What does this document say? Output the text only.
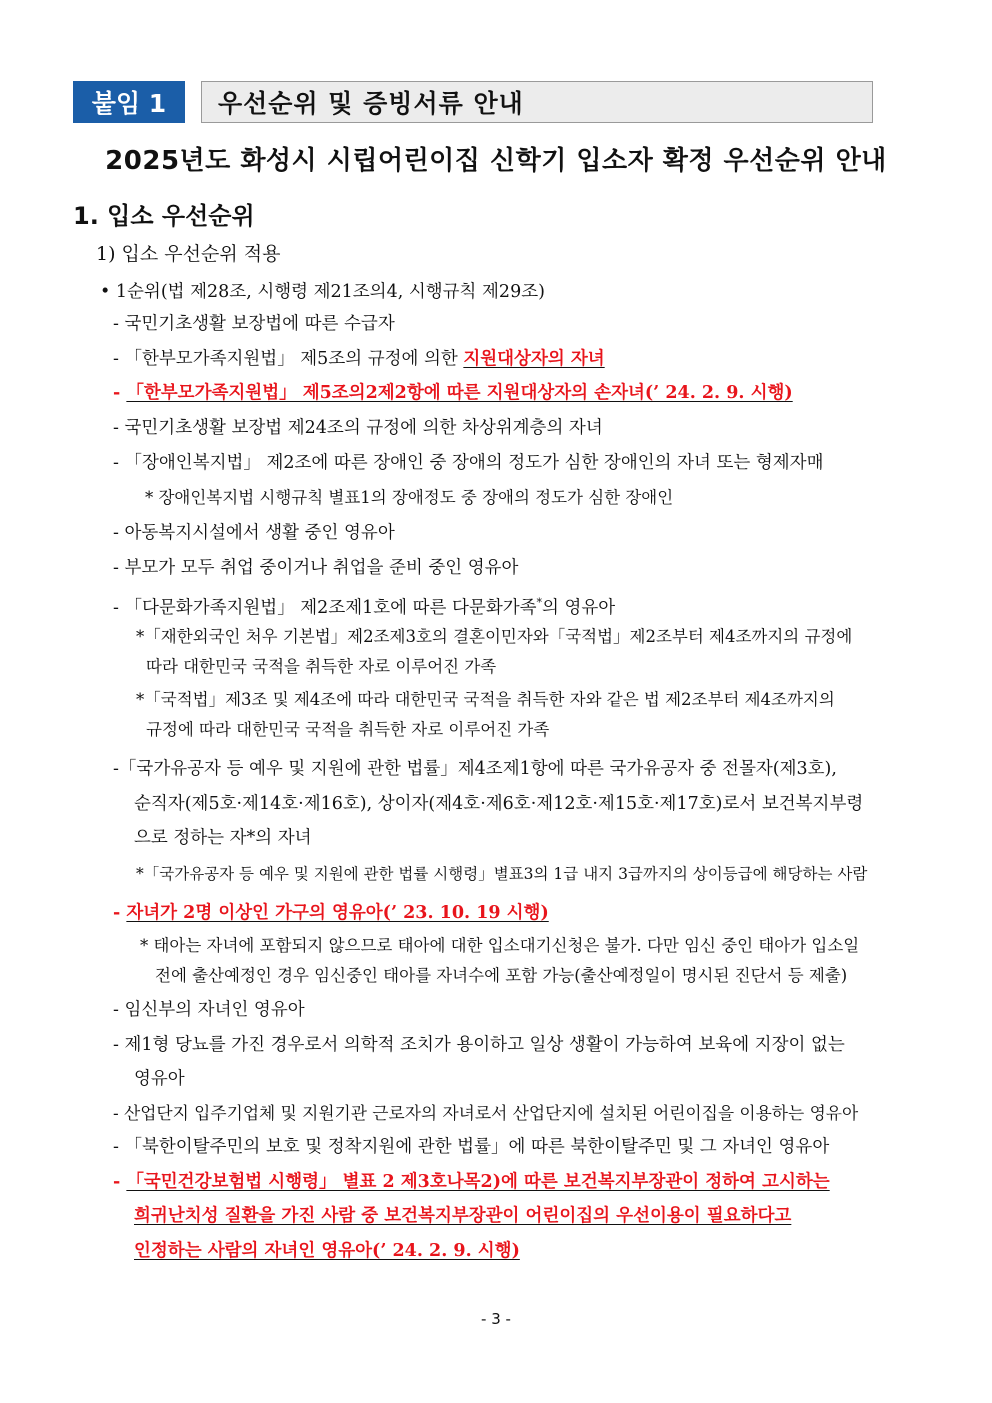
붙임 1	우선순위 및 증빙서류 안내
2025년도 화성시 시립어린이집 신학기 입소자 확정 우선순위 안내
1. 입소 우선순위
1) 입소 우선순위 적용
• 1순위(법 제28조, 시행령 제21조의4, 시행규칙 제29조)
- 국민기초생활 보장법에 따른 수급자
- 「한부모가족지원법」 제5조의 규정에 의한 지원대상자의 자녀
- 「한부모가족지원법」 제5조의2제2항에 따른 지원대상자의 손자녀(’ 24. 2. 9. 시행)
- 국민기초생활 보장법 제24조의 규정에 의한 차상위계층의 자녀
- 「장애인복지법」 제2조에 따른 장애인 중 장애의 정도가 심한 장애인의 자녀 또는 형제자매
* 장애인복지법 시행규칙 별표1의 장애정도 중 장애의 정도가 심한 장애인
- 아동복지시설에서 생활 중인 영유아
- 부모가 모두 취업 중이거나 취업을 준비 중인 영유아
- 「다문화가족지원법」 제2조제1호에 따른 다문화가족*의 영유아
*「재한외국인 처우 기본법」제2조제3호의 결혼이민자와「국적법」제2조부터 제4조까지의 규정에
따라 대한민국 국적을 취득한 자로 이루어진 가족
*「국적법」제3조 및 제4조에 따라 대한민국 국적을 취득한 자와 같은 법 제2조부터 제4조까지의
규정에 따라 대한민국 국적을 취득한 자로 이루어진 가족
-「국가유공자 등 예우 및 지원에 관한 법률」제4조제1항에 따른 국가유공자 중 전몰자(제3호),
순직자(제5호·제14호·제16호), 상이자(제4호·제6호·제12호·제15호·제17호)로서 보건복지부령
으로 정하는 자*의 자녀
*「국가유공자 등 예우 및 지원에 관한 법률 시행령」별표3의 1급 내지 3급까지의 상이등급에 해당하는 사람
- 자녀가 2명 이상인 가구의 영유아(’ 23. 10. 19 시행)
* 태아는 자녀에 포함되지 않으므로 태아에 대한 입소대기신청은 불가. 다만 임신 중인 태아가 입소일
전에 출산예정인 경우 임신중인 태아를 자녀수에 포함 가능(출산예정일이 명시된 진단서 등 제출)
- 임신부의 자녀인 영유아
- 제1형 당뇨를 가진 경우로서 의학적 조치가 용이하고 일상 생활이 가능하여 보육에 지장이 없는
영유아
- 산업단지 입주기업체 및 지원기관 근로자의 자녀로서 산업단지에 설치된 어린이집을 이용하는 영유아
- 「북한이탈주민의 보호 및 정착지원에 관한 법률」에 따른 북한이탈주민 및 그 자녀인 영유아
- 「국민건강보험법 시행령」 별표 2 제3호나목2)에 따른 보건복지부장관이 정하여 고시하는
희귀난치성 질환을 가진 사람 중 보건복지부장관이 어린이집의 우선이용이 필요하다고
인정하는 사람의 자녀인 영유아(’ 24. 2. 9. 시행)
- 3 -
